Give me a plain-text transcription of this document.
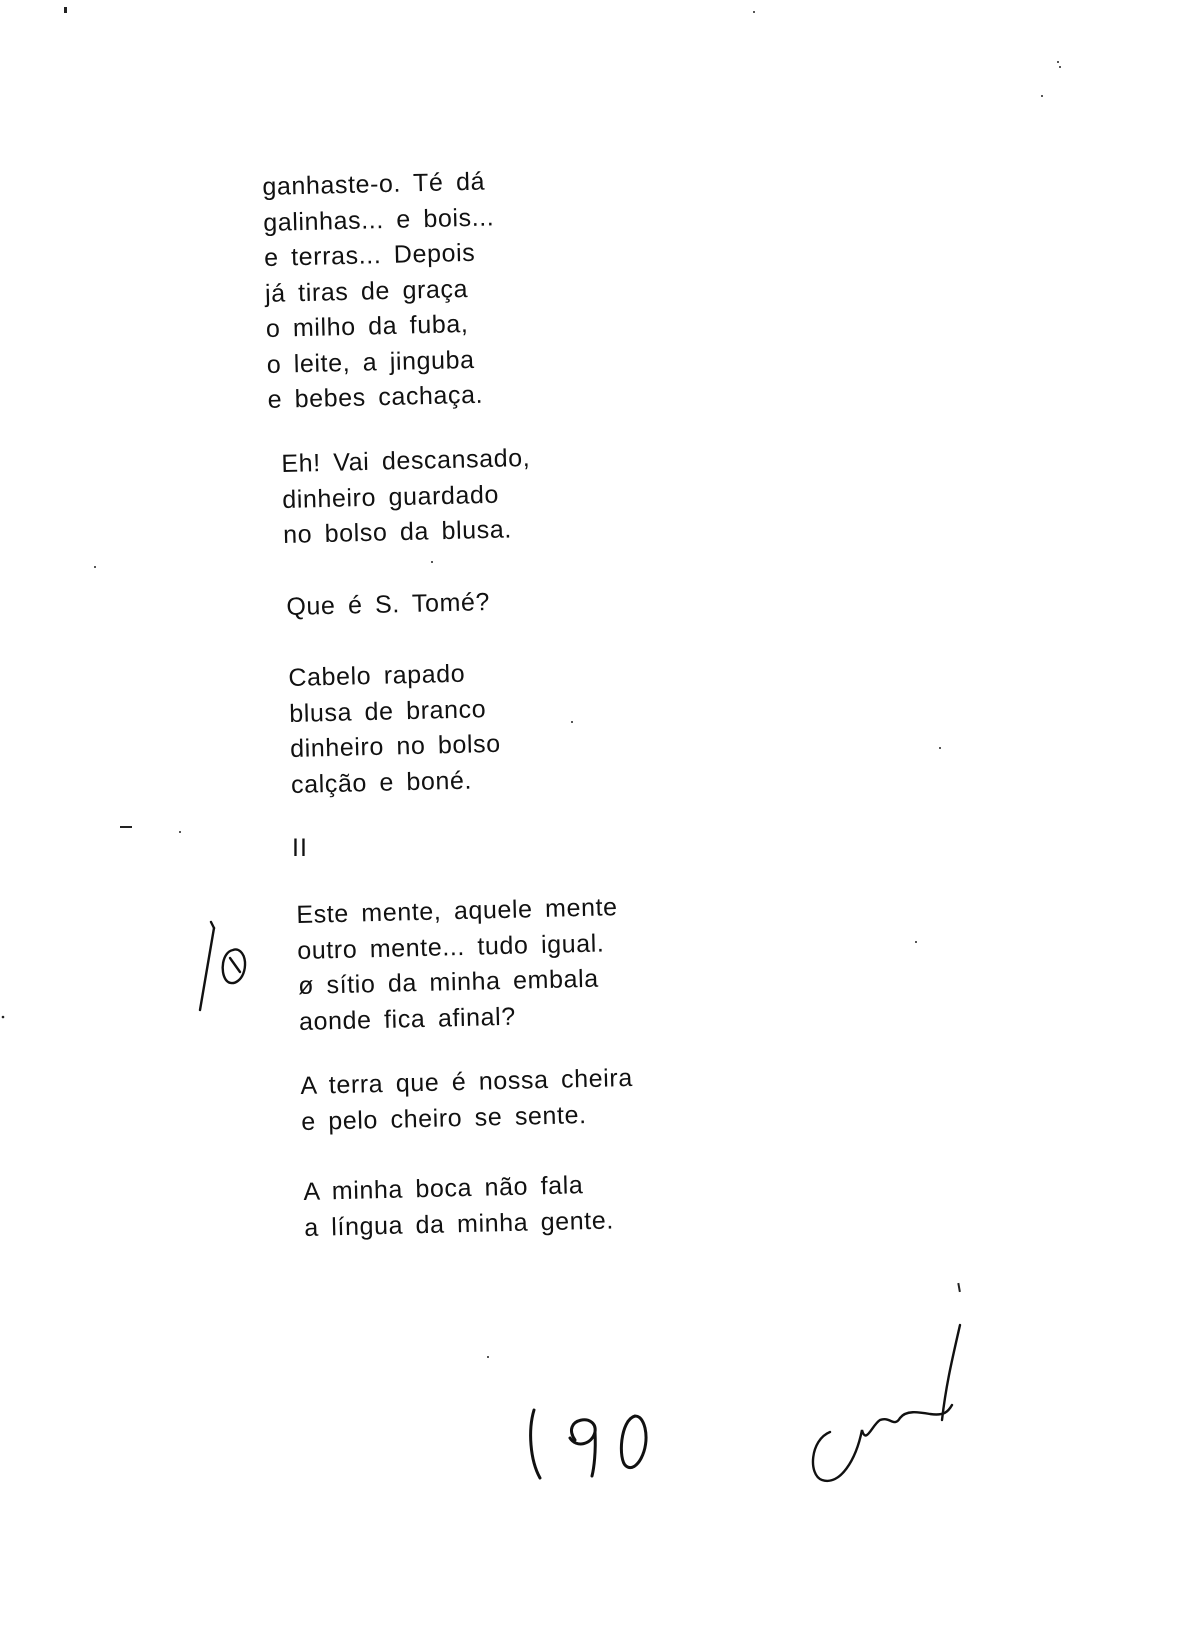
ganhaste-o. Té dá
galinhas... e bois...
e terras... Depois
já tiras de graça
o milho da fuba,
o leite, a jinguba
e bebes cachaça.
Eh! Vai descansado,
dinheiro guardado
no bolso da blusa.
Que é S. Tomé?
Cabelo rapado
blusa de branco
dinheiro no bolso
calção e boné.
II
Este mente, aquele mente
outro mente... tudo igual.
ø sítio da minha embala
aonde fica afinal?
A terra que é nossa cheira
e pelo cheiro se sente.
A minha boca não fala
a língua da minha gente.
